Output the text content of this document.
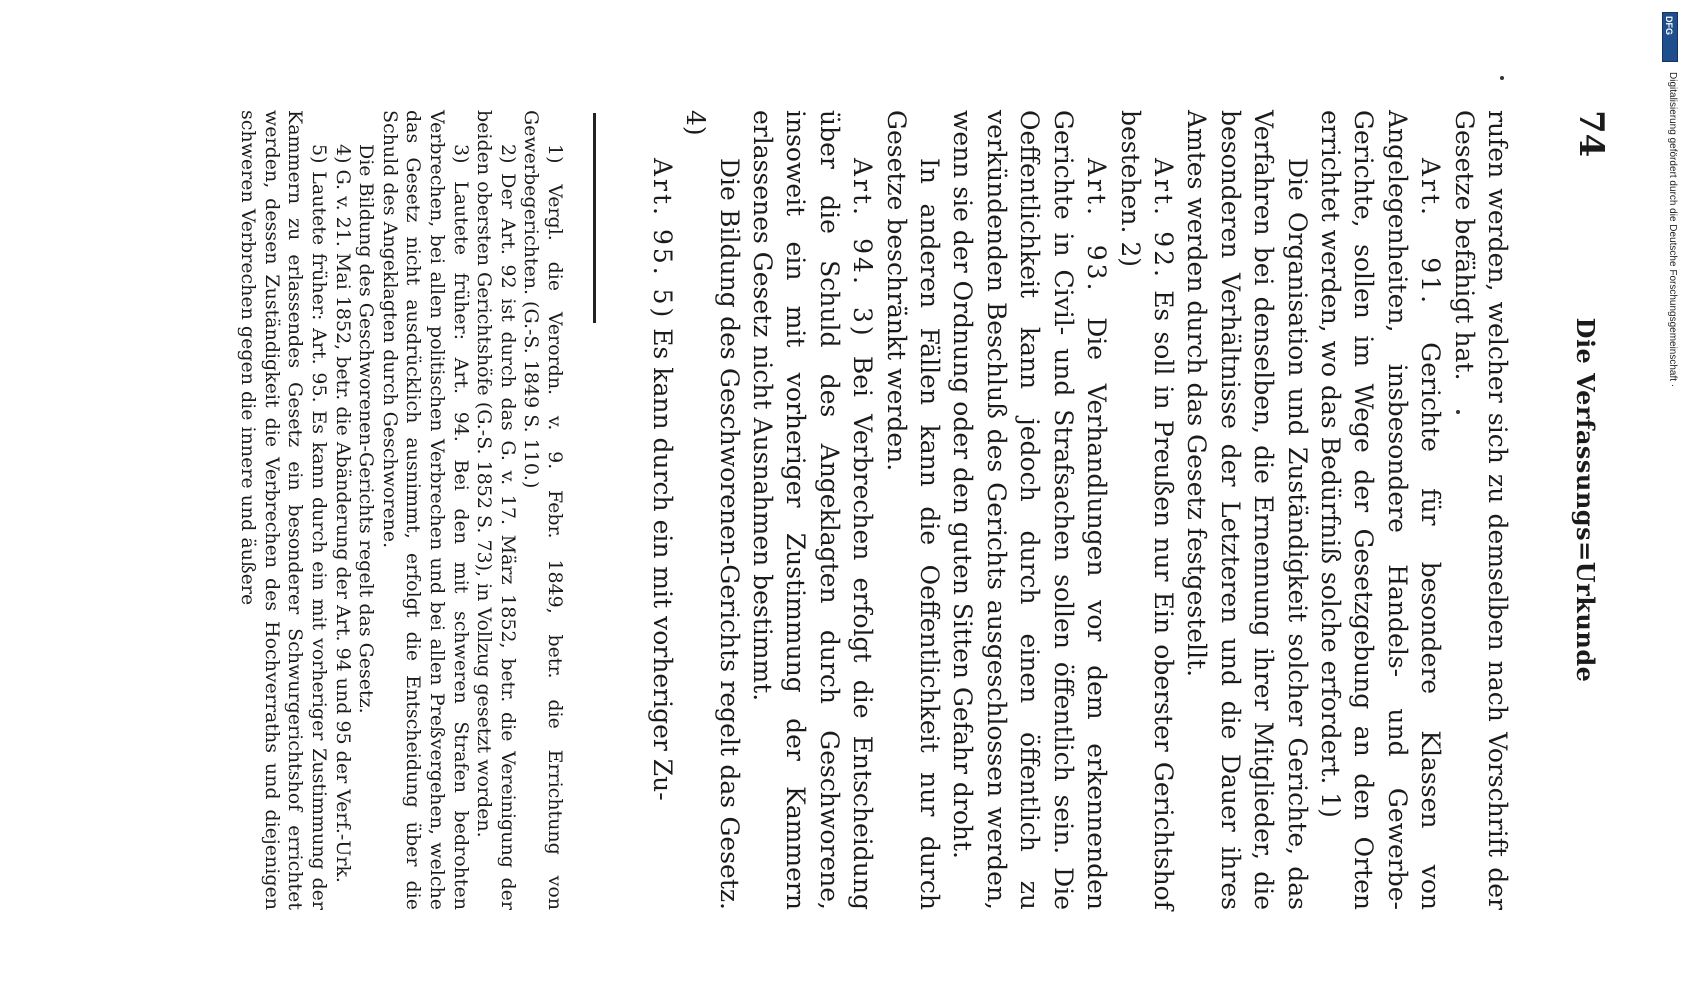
74
Die Verfassungs=Urkunde

rufen werden, welcher sich zu demselben nach Vorschrift der Gesetze befähigt hat.

Art. 91. Gerichte für besondere Klassen von Angelegenheiten, insbesondere Handels- und Gewerbe-Gerichte, sollen im Wege der Gesetzgebung an den Orten errichtet werden, wo das Bedürfniß solche erfordert. 1)

Die Organisation und Zuständigkeit solcher Gerichte, das Verfahren bei denselben, die Ernennung ihrer Mitglieder, die besonderen Verhältnisse der Letzteren und die Dauer ihres Amtes werden durch das Gesetz festgestellt.

Art. 92. Es soll in Preußen nur Ein oberster Gerichtshof bestehen. 2)

Art. 93. Die Verhandlungen vor dem erkennenden Gerichte in Civil- und Strafsachen sollen öffentlich sein. Die Oeffentlichkeit kann jedoch durch einen öffentlich zu verkündenden Beschluß des Gerichts ausgeschlossen werden, wenn sie der Ordnung oder den guten Sitten Gefahr droht.

In anderen Fällen kann die Oeffentlichkeit nur durch Gesetze beschränkt werden.

Art. 94. 3) Bei Verbrechen erfolgt die Entscheidung über die Schuld des Angeklagten durch Geschworene, insoweit ein mit vorheriger Zustimmung der Kammern erlassenes Gesetz nicht Ausnahmen bestimmt.

Die Bildung des Geschworenen-Gerichts regelt das Gesetz. 4)

Art. 95. 5) Es kann durch ein mit vorheriger Zu-

1) Vergl. die Verordn. v. 9. Febr. 1849, betr. die Errichtung von Gewerbegerichten. (G.-S. 1849 S. 110.)

2) Der Art. 92 ist durch das G. v. 17. März 1852, betr. die Vereinigung der beiden obersten Gerichtshöfe (G.-S. 1852 S. 73), in Vollzug gesetzt worden.

3) Lautete früher: Art. 94. Bei den mit schweren Strafen bedrohten Verbrechen, bei allen politischen Verbrechen und bei allen Preßvergehen, welche das Gesetz nicht ausdrücklich ausnimmt, erfolgt die Entscheidung über die Schuld des Angeklagten durch Geschworene.

Die Bildung des Geschworenen-Gerichts regelt das Gesetz.

4) G. v. 21. Mai 1852, betr. die Abänderung der Art. 94 und 95 der Verf.-Urk.

5) Lautete früher: Art. 95. Es kann durch ein mit vorheriger Zustimmung der Kammern zu erlassendes Gesetz ein besonderer Schwurgerichtshof errichtet werden, dessen Zuständigkeit die Verbrechen des Hochverraths und diejenigen schweren Verbrechen gegen die innere und äußere

DFG
Digitalisierung gefördert durch die Deutsche Forschungsgemeinschaft ·
